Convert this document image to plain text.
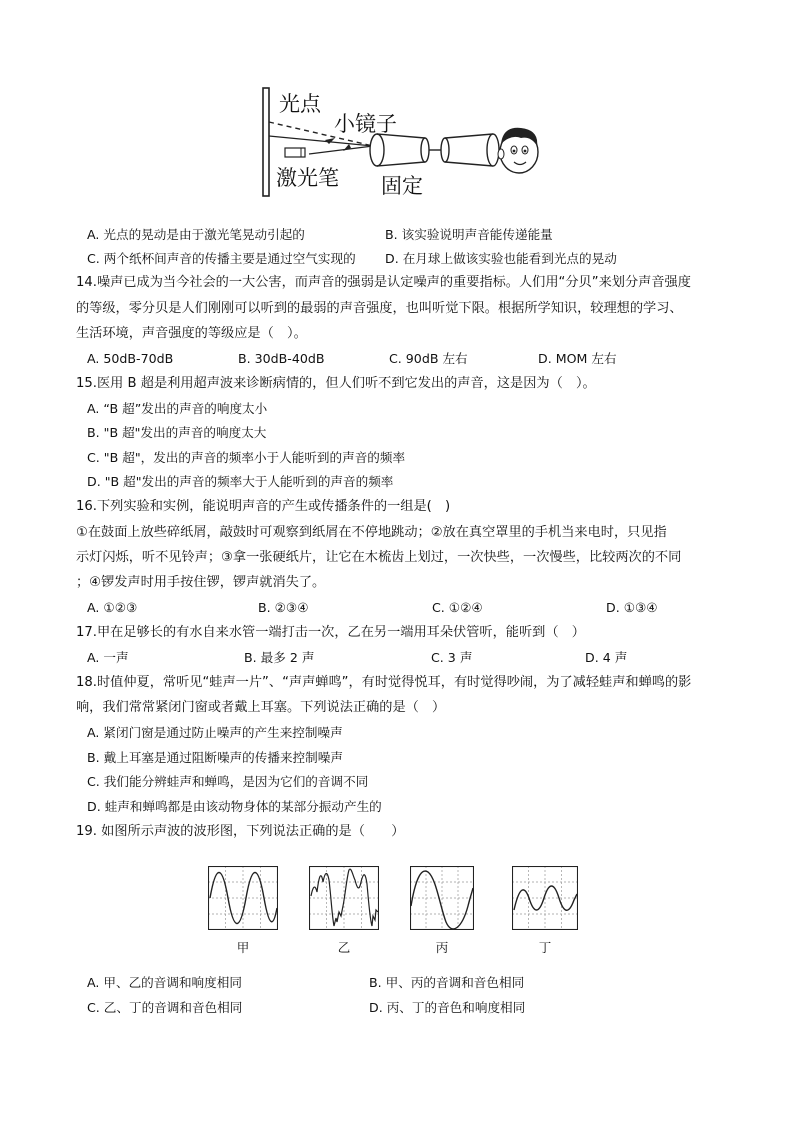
光点
小镜子
激光笔 固定
A. 光点的晃动是由于激光笔晃动引起的	B. 该实验说明声音能传递能量
C. 两个纸杯间声音的传播主要是通过空气实现的 D. 在月球上做该实验也能看到光点的晃动
14.噪声已成为当今社会的一大公害，而声音的强弱是认定噪声的重要指标。人们用“分贝”来划分声音强度
的等级，零分贝是人们刚刚可以听到的最弱的声音强度，也叫听觉下限。根据所学知识，较理想的学习、
生活环境，声音强度的等级应是（　）。
A. 50dB-70dB	B. 30dB-40dB	C. 90dB 左右	D. MOM 左右
15.医用 B 超是利用超声波来诊断病情的，但人们听不到它发出的声音，这是因为（　）。
A. “B 超”发出的声音的响度太小
B. "B 超"发出的声音的响度太大
C. "B 超"，发出的声音的频率小于人能听到的声音的频率
D. "B 超"发出的声音的频率大于人能听到的声音的频率
16.下列实验和实例，能说明声音的产生或传播条件的一组是(　)
①在鼓面上放些碎纸屑，敲鼓时可观察到纸屑在不停地跳动；②放在真空罩里的手机当来电时，只见指
示灯闪烁，听不见铃声；③拿一张硬纸片，让它在木梳齿上划过，一次快些，一次慢些，比较两次的不同
；④锣发声时用手按住锣，锣声就消失了。
A. ①②③	B. ②③④	C. ①②④	D. ①③④
17.甲在足够长的有水自来水管一端打击一次，乙在另一端用耳朵伏管听，能听到（　）
A. 一声	B. 最多 2 声	C. 3 声	D. 4 声
18.时值仲夏，常听见“蛙声一片”、“声声蝉鸣”，有时觉得悦耳，有时觉得吵闹，为了减轻蛙声和蝉鸣的影
响，我们常常紧闭门窗或者戴上耳塞。下列说法正确的是（　）
A. 紧闭门窗是通过防止噪声的产生来控制噪声
B. 戴上耳塞是通过阻断噪声的传播来控制噪声
C. 我们能分辨蛙声和蝉鸣，是因为它们的音调不同
D. 蛙声和蝉鸣都是由该动物身体的某部分振动产生的
19. 如图所示声波的波形图，下列说法正确的是（　　）
甲	乙	丙	丁
A. 甲、乙的音调和响度相同	B. 甲、丙的音调和音色相同
C. 乙、丁的音调和音色相同	D. 丙、丁的音色和响度相同
